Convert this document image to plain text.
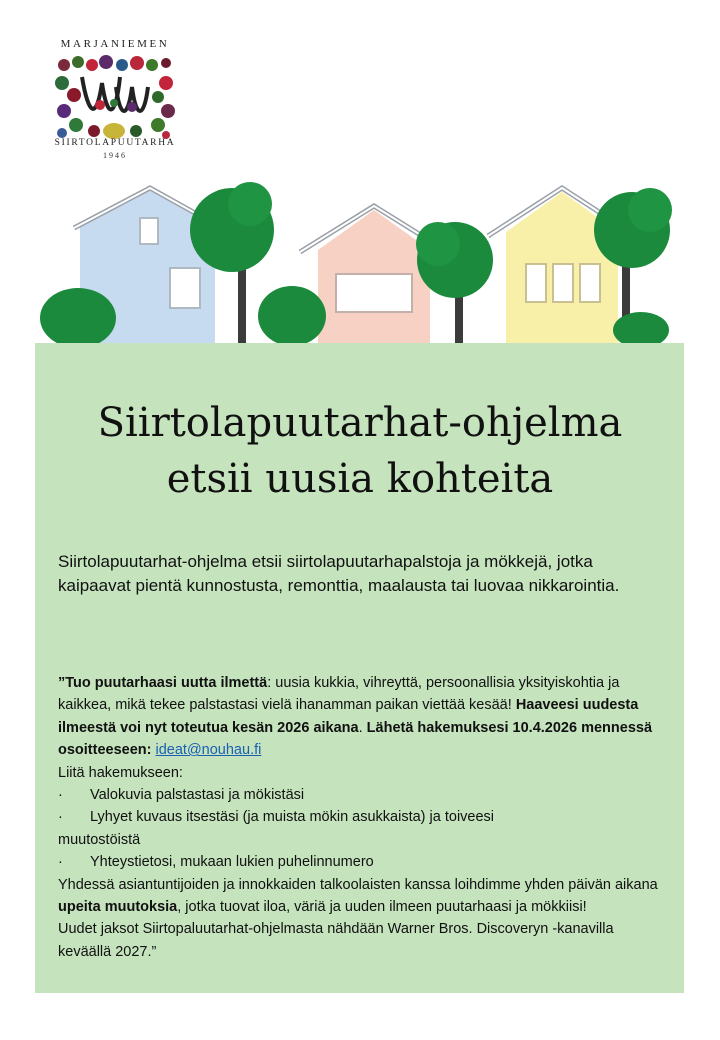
MARJANIEMEN
SIIRTOLAPUUTARHA
1946
Siirtolapuutarhat-ohjelma
etsii uusia kohteita

Siirtolapuutarhat-ohjelma etsii siirtolapuutarhapalstoja ja mökkejä, jotka kaipaavat pientä kunnostusta, remonttia, maalausta tai luovaa nikkarointia.

”Tuo puutarhaasi uutta ilmettä: uusia kukkia, vihreyttä, persoonallisia yksityiskohtia ja kaikkea, mikä tekee palstastasi vielä ihanamman paikan viettää kesää! Haaveesi uudesta ilmeestä voi nyt toteutua kesän 2026 aikana. Lähetä hakemuksesi 10.4.2026 mennessä osoitteeseen: ideat@nouhau.fi

Liitä hakemukseen:

·	Valokuvia palstastasi ja mökistäsi
·	Lyhyet kuvaus itsestäsi (ja muista mökin asukkaista) ja toiveesi

muutostöistä

·	Yhteystietosi, mukaan lukien puhelinnumero

Yhdessä asiantuntijoiden ja innokkaiden talkoolaisten kanssa loihdimme yhden päivän aikana upeita muutoksia, jotka tuovat iloa, väriä ja uuden ilmeen puutarhaasi ja mökkiisi!

Uudet jaksot Siirtopaluutarhat-ohjelmasta nähdään Warner Bros. Discoveryn -kanavilla keväällä 2027.”
